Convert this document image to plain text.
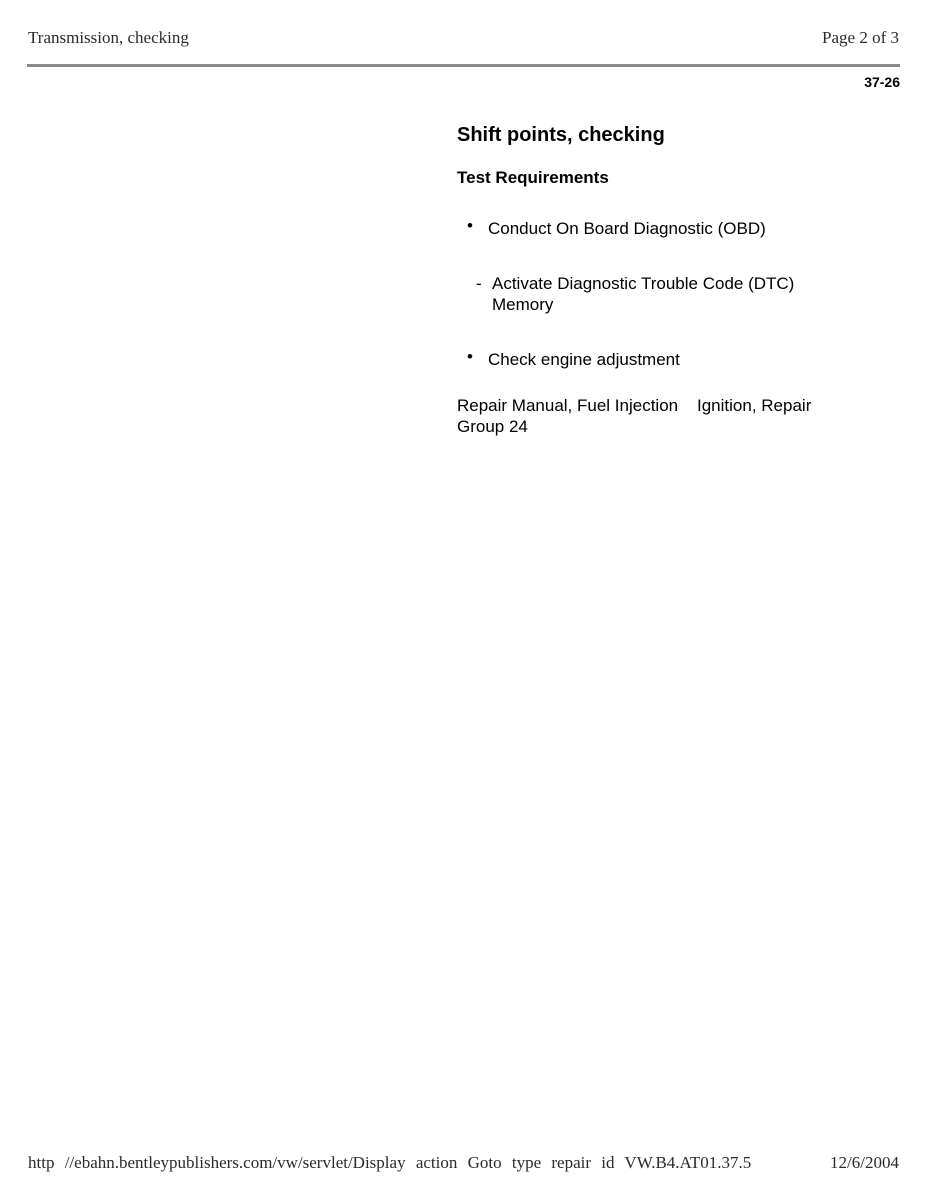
Transmission, checking	Page 2 of 3
37-26
Shift points, checking
Test Requirements
• Conduct On Board Diagnostic (OBD)
- Activate Diagnostic Trouble Code (DTC) Memory
• Check engine adjustment
Repair Manual, Fuel Injection    Ignition, Repair Group 24
http //ebahn.bentleypublishers.com/vw/servlet/Display action Goto type repair id VW.B4.AT01.37.5	12/6/2004
